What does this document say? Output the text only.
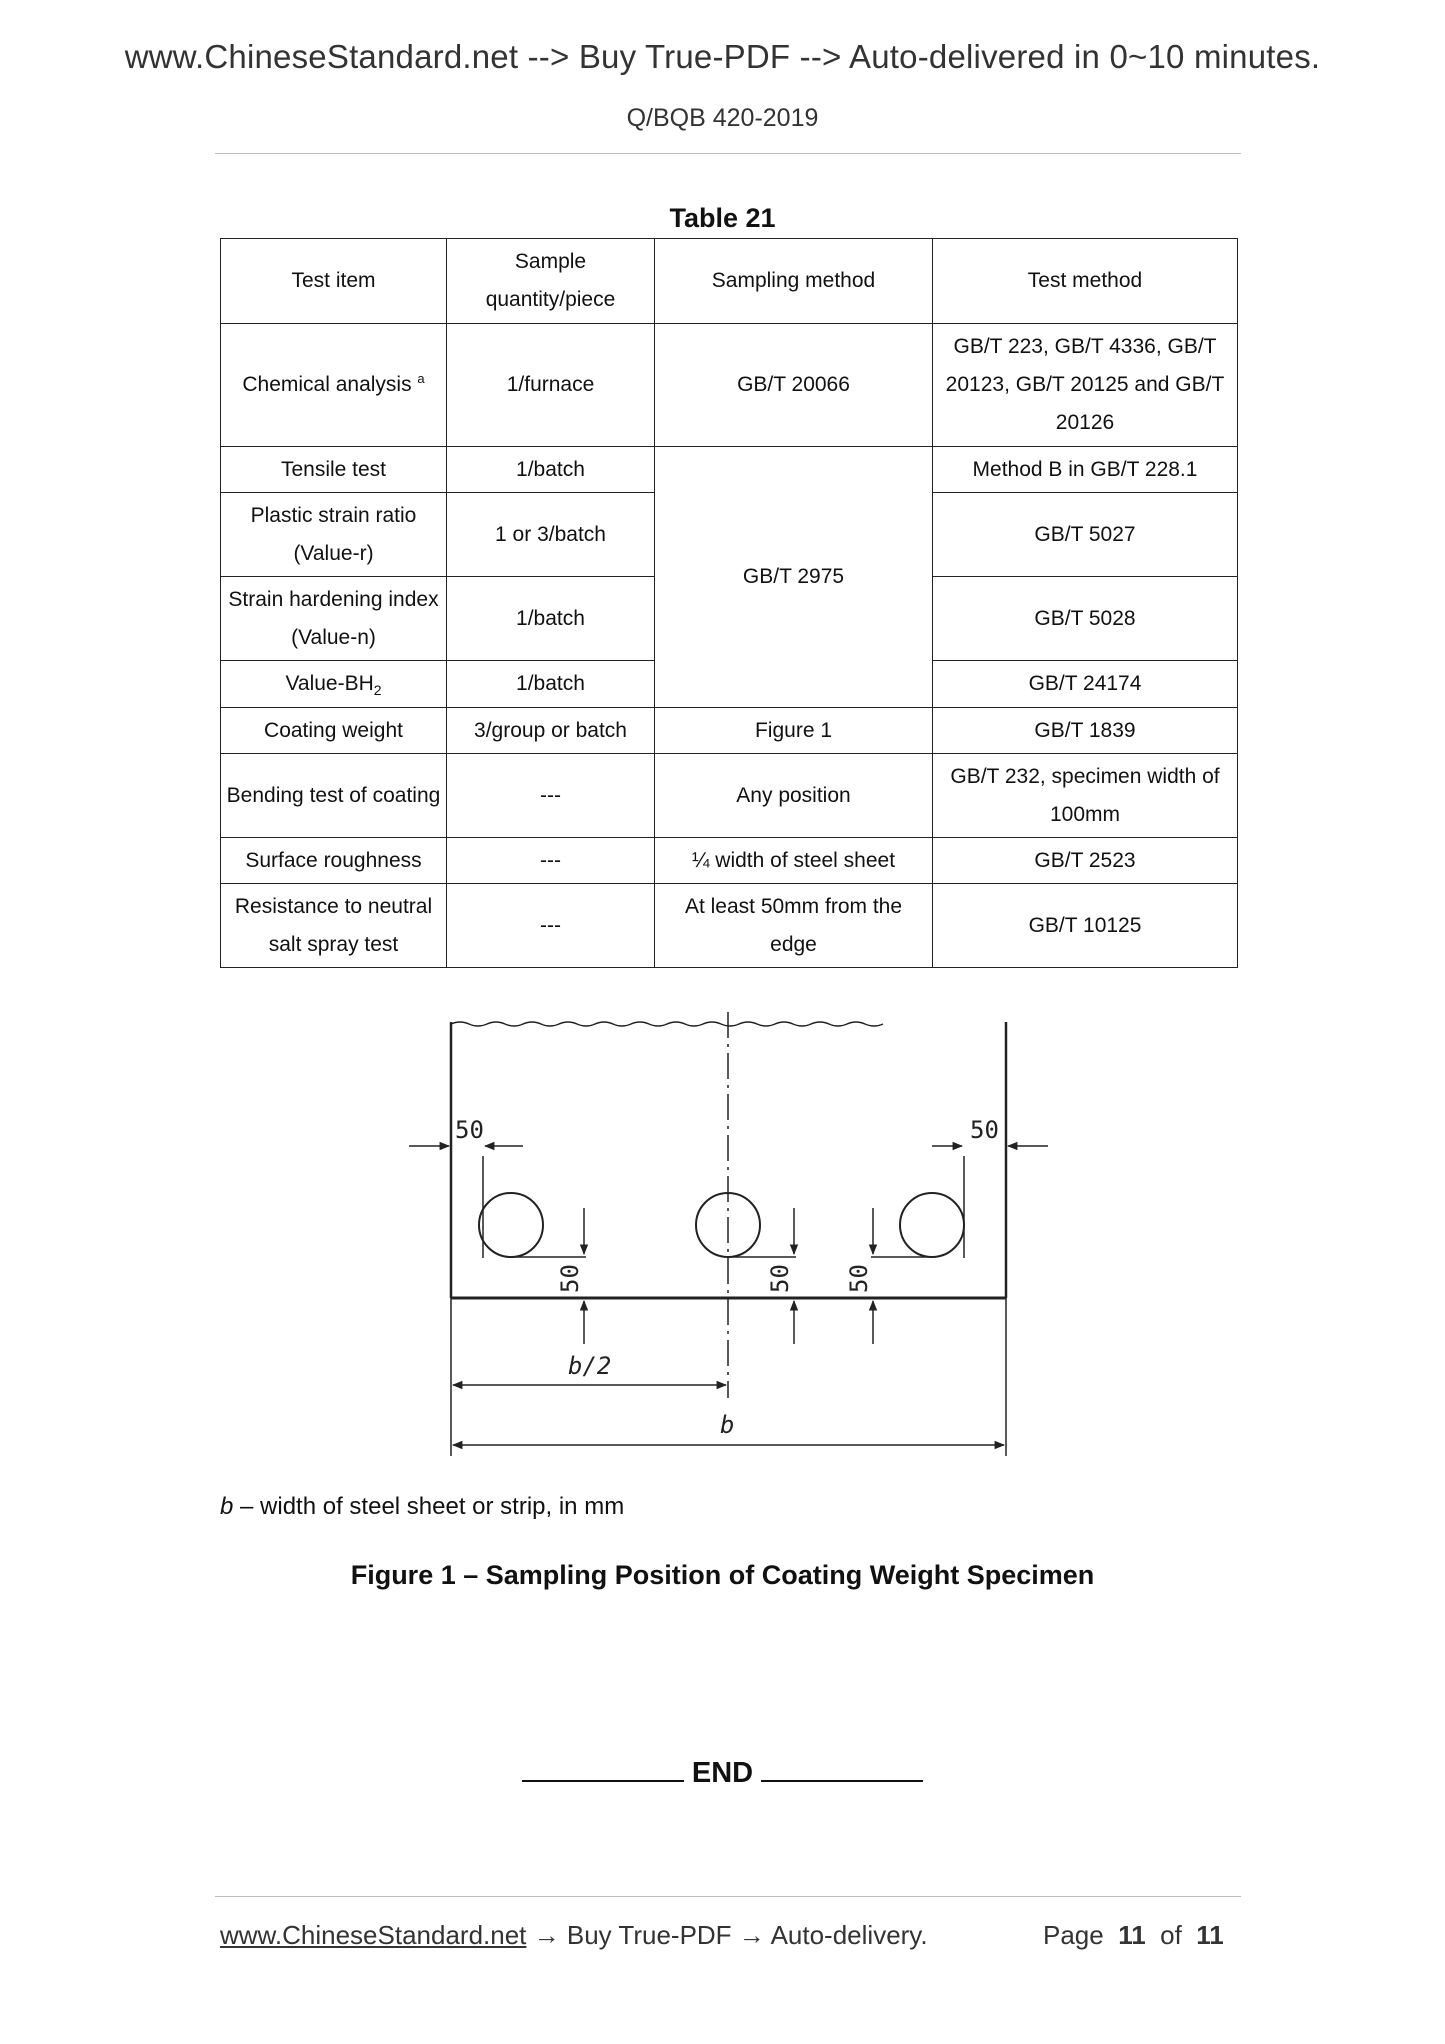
www.ChineseStandard.net --> Buy True-PDF --> Auto-delivered in 0~10 minutes.
Q/BQB 420-2019
Table 21
Test item	Sample quantity/piece	Sampling method	Test method
Chemical analysis $^a$	1/furnace	GB/T 20066	GB/T 223, GB/T 4336, GB/T 20123, GB/T 20125 and GB/T 20126
Tensile test	1/batch	GB/T 2975	Method B in GB/T 228.1
Plastic strain ratio (Value-r)	1 or 3/batch		GB/T 5027
Strain hardening index (Value-n)	1/batch		GB/T 5028
Value-$BH_2$	1/batch		GB/T 24174
Coating weight	3/group or batch	Figure 1	GB/T 1839
Bending test of coating	---	Any position	GB/T 232, specimen width of 100mm
Surface roughness	---	¼ width of steel sheet	GB/T 2523
Resistance to neutral salt spray test	---	At least 50mm from the edge	GB/T 10125
50	50
50	50 50
b/2
b
b – width of steel sheet or strip, in mm
Figure 1 – Sampling Position of Coating Weight Specimen
END
www.ChineseStandard.net → Buy True-PDF → Auto-delivery.	Page 11 of 11
